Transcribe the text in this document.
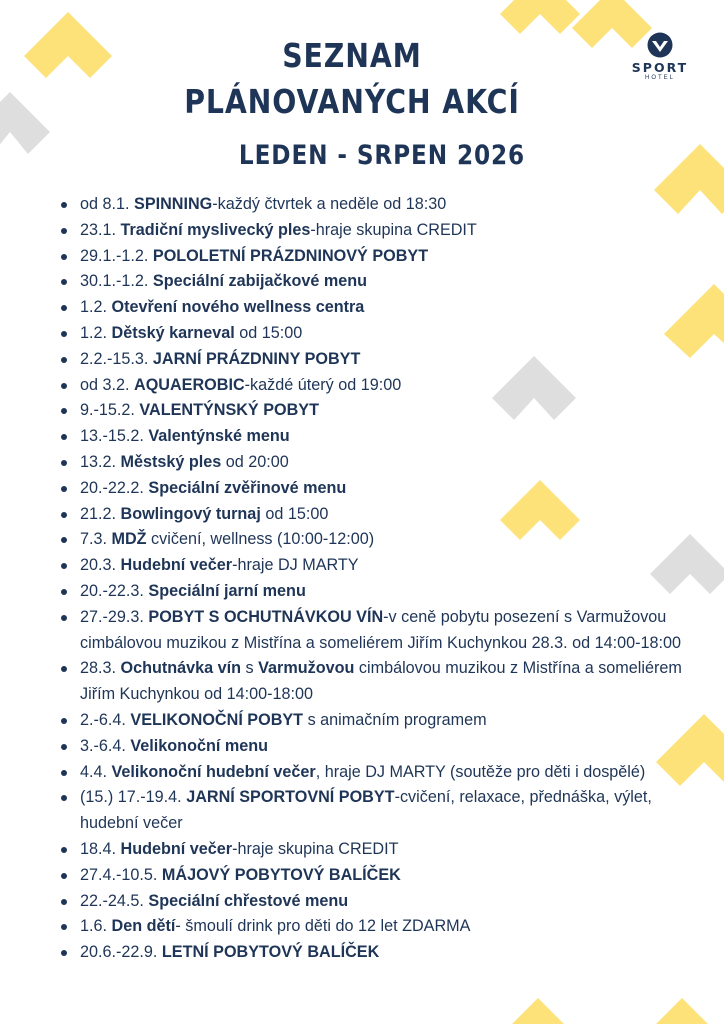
SEZNAM
PLÁNOVANÝCH AKCÍ
LEDEN - SRPEN 2026
SPORT
HOTEL
od 8.1. SPINNING-každý čtvrtek a neděle od 18:30
23.1. Tradiční myslivecký ples-hraje skupina CREDIT
29.1.-1.2. POLOLETNÍ PRÁZDNINOVÝ POBYT
30.1.-1.2. Speciální zabijačkové menu
1.2. Otevření nového wellness centra
1.2. Dětský karneval od 15:00
2.2.-15.3. JARNÍ PRÁZDNINY POBYT
od 3.2. AQUAEROBIC-každé úterý od 19:00
9.-15.2. VALENTÝNSKÝ POBYT
13.-15.2. Valentýnské menu
13.2. Městský ples od 20:00
20.-22.2. Speciální zvěřinové menu
21.2. Bowlingový turnaj od 15:00
7.3. MDŽ cvičení, wellness (10:00-12:00)
20.3. Hudební večer-hraje DJ MARTY
20.-22.3. Speciální jarní menu
27.-29.3. POBYT S OCHUTNÁVKOU VÍN-v ceně pobytu posezení s Varmužovou cimbálovou muzikou z Mistřína a someliérem Jiřím Kuchynkou 28.3. od 14:00-18:00
28.3. Ochutnávka vín s Varmužovou cimbálovou muzikou z Mistřína a someliérem Jiřím Kuchynkou od 14:00-18:00
2.-6.4. VELIKONOČNÍ POBYT s animačním programem
3.-6.4. Velikonoční menu
4.4. Velikonoční hudební večer, hraje DJ MARTY (soutěže pro děti i dospělé)
(15.) 17.-19.4. JARNÍ SPORTOVNÍ POBYT-cvičení, relaxace, přednáška, výlet, hudební večer
18.4. Hudební večer-hraje skupina CREDIT
27.4.-10.5. MÁJOVÝ POBYTOVÝ BALÍČEK
22.-24.5. Speciální chřestové menu
1.6. Den dětí- šmoulí drink pro děti do 12 let ZDARMA
20.6.-22.9. LETNÍ POBYTOVÝ BALÍČEK
